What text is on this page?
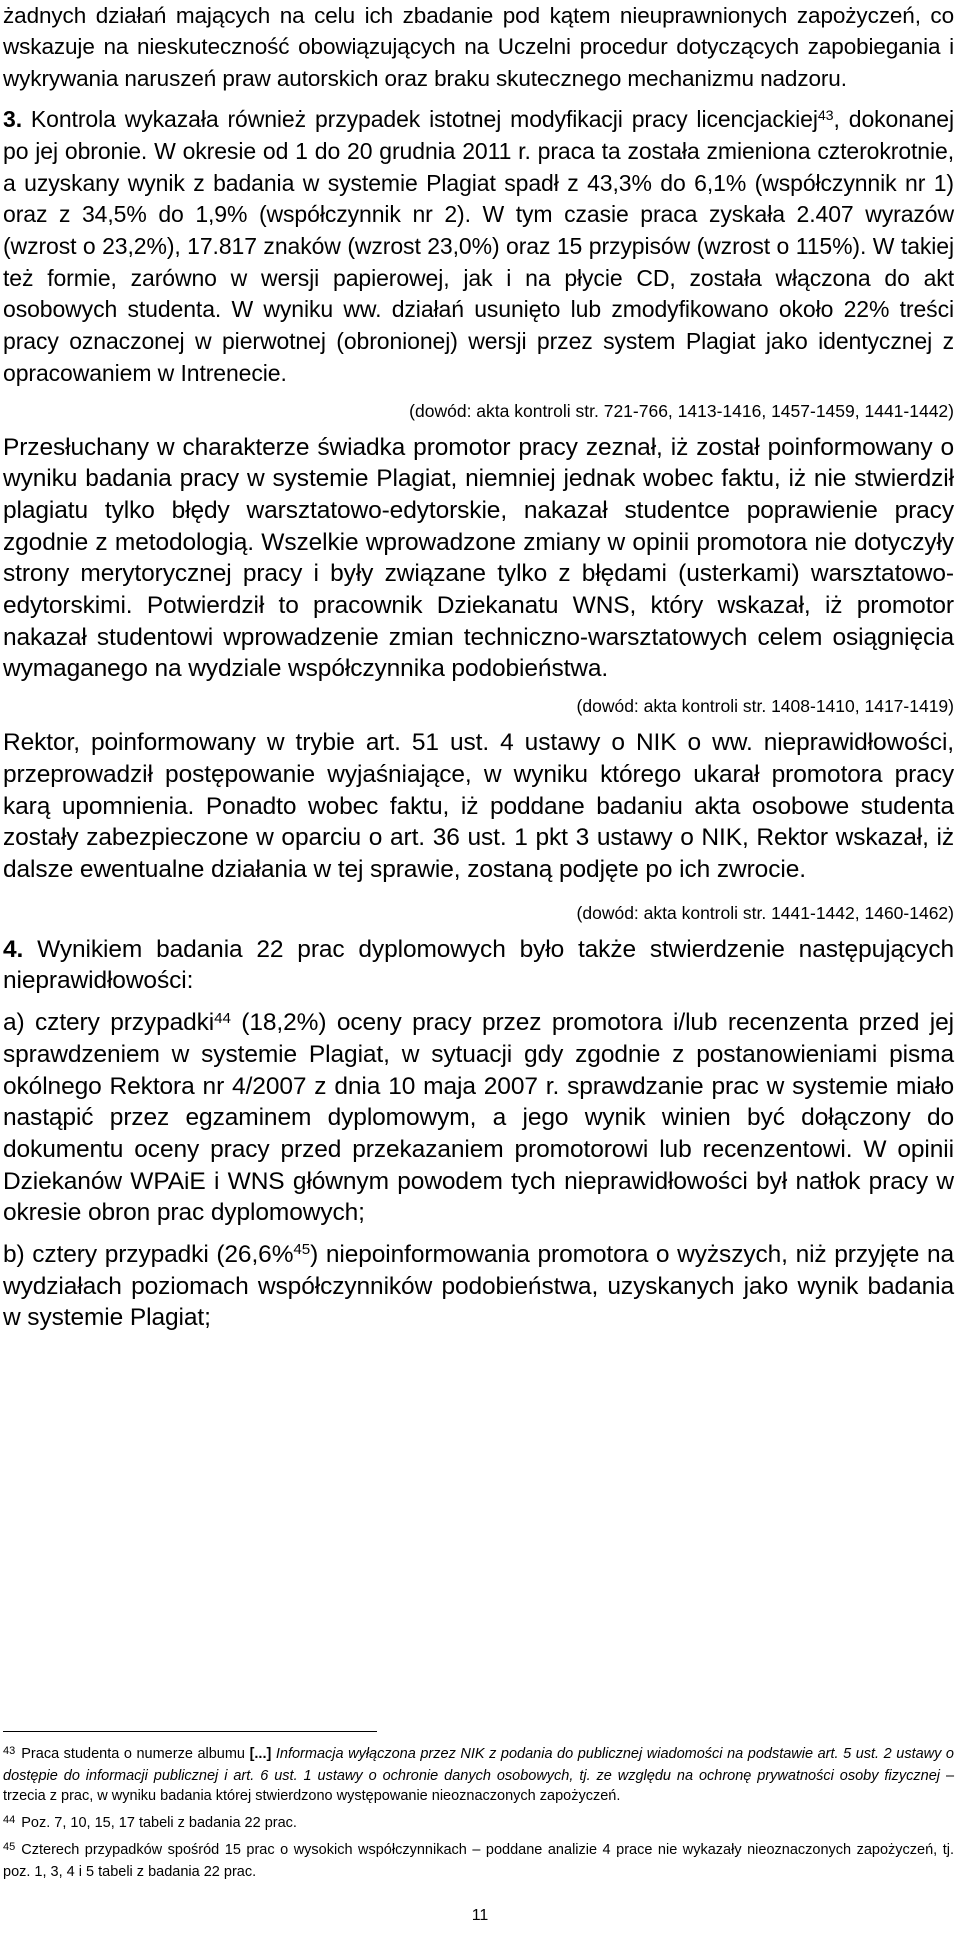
żadnych działań mających na celu ich zbadanie pod kątem nieuprawnionych zapożyczeń, co wskazuje na nieskuteczność obowiązujących na Uczelni procedur dotyczących zapobiegania i wykrywania naruszeń praw autorskich oraz braku skutecznego mechanizmu nadzoru.

3. Kontrola wykazała również przypadek istotnej modyfikacji pracy licencjackiej$^{43}$, dokonanej po jej obronie. W okresie od 1 do 20 grudnia 2011 r. praca ta została zmieniona czterokrotnie, a uzyskany wynik z badania w systemie Plagiat spadł z 43,3% do 6,1% (współczynnik nr 1) oraz z 34,5% do 1,9% (współczynnik nr 2). W tym czasie praca zyskała 2.407 wyrazów (wzrost o 23,2%), 17.817 znaków (wzrost 23,0%) oraz 15 przypisów (wzrost o 115%). W takiej też formie, zarówno w wersji papierowej, jak i na płycie CD, została włączona do akt osobowych studenta. W wyniku ww. działań usunięto lub zmodyfikowano około 22% treści pracy oznaczonej w pierwotnej (obronionej) wersji przez system Plagiat jako identycznej z opracowaniem w Intrenecie.

(dowód: akta kontroli str. 721-766, 1413-1416, 1457-1459, 1441-1442)

Przesłuchany w charakterze świadka promotor pracy zeznał, iż został poinformowany o wyniku badania pracy w systemie Plagiat, niemniej jednak wobec faktu, iż nie stwierdził plagiatu tylko błędy warsztatowo-edytorskie, nakazał studentce poprawienie pracy zgodnie z metodologią. Wszelkie wprowadzone zmiany w opinii promotora nie dotyczyły strony merytorycznej pracy i były związane tylko z błędami (usterkami) warsztatowo-edytorskimi. Potwierdził to pracownik Dziekanatu WNS, który wskazał, iż promotor nakazał studentowi wprowadzenie zmian techniczno-warsztatowych celem osiągnięcia wymaganego na wydziale współczynnika podobieństwa.

(dowód: akta kontroli str. 1408-1410, 1417-1419)

Rektor, poinformowany w trybie art. 51 ust. 4 ustawy o NIK o ww. nieprawidłowości, przeprowadził postępowanie wyjaśniające, w wyniku którego ukarał promotora pracy karą upomnienia. Ponadto wobec faktu, iż poddane badaniu akta osobowe studenta zostały zabezpieczone w oparciu o art. 36 ust. 1 pkt 3 ustawy o NIK, Rektor wskazał, iż dalsze ewentualne działania w tej sprawie, zostaną podjęte po ich zwrocie.

(dowód: akta kontroli str. 1441-1442, 1460-1462)

4. Wynikiem badania 22 prac dyplomowych było także stwierdzenie następujących nieprawidłowości:

a) cztery przypadki$^{44}$ (18,2%) oceny pracy przez promotora i/lub recenzenta przed jej sprawdzeniem w systemie Plagiat, w sytuacji gdy zgodnie z postanowieniami pisma okólnego Rektora nr 4/2007 z dnia 10 maja 2007 r. sprawdzanie prac w systemie miało nastąpić przez egzaminem dyplomowym, a jego wynik winien być dołączony do dokumentu oceny pracy przed przekazaniem promotorowi lub recenzentowi. W opinii Dziekanów WPAiE i WNS głównym powodem tych nieprawidłowości był natłok pracy w okresie obron prac dyplomowych;

b) cztery przypadki (26,6%$^{45}$) niepoinformowania promotora o wyższych, niż przyjęte na wydziałach poziomach współczynników podobieństwa, uzyskanych jako wynik badania w systemie Plagiat;

$^{43}$ Praca studenta o numerze albumu [...] Informacja wyłączona przez NIK z podania do publicznej wiadomości na podstawie art. 5 ust. 2 ustawy o dostępie do informacji publicznej i art. 6 ust. 1 ustawy o ochronie danych osobowych, tj. ze względu na ochronę prywatności osoby fizycznej – trzecia z prac, w wyniku badania której stwierdzono występowanie nieoznaczonych zapożyczeń.

$^{44}$ Poz. 7, 10, 15, 17 tabeli z badania 22 prac.

$^{45}$ Czterech przypadków spośród 15 prac o wysokich współczynnikach – poddane analizie 4 prace nie wykazały nieoznaczonych zapożyczeń, tj. poz. 1, 3, 4 i 5 tabeli z badania 22 prac.

11
